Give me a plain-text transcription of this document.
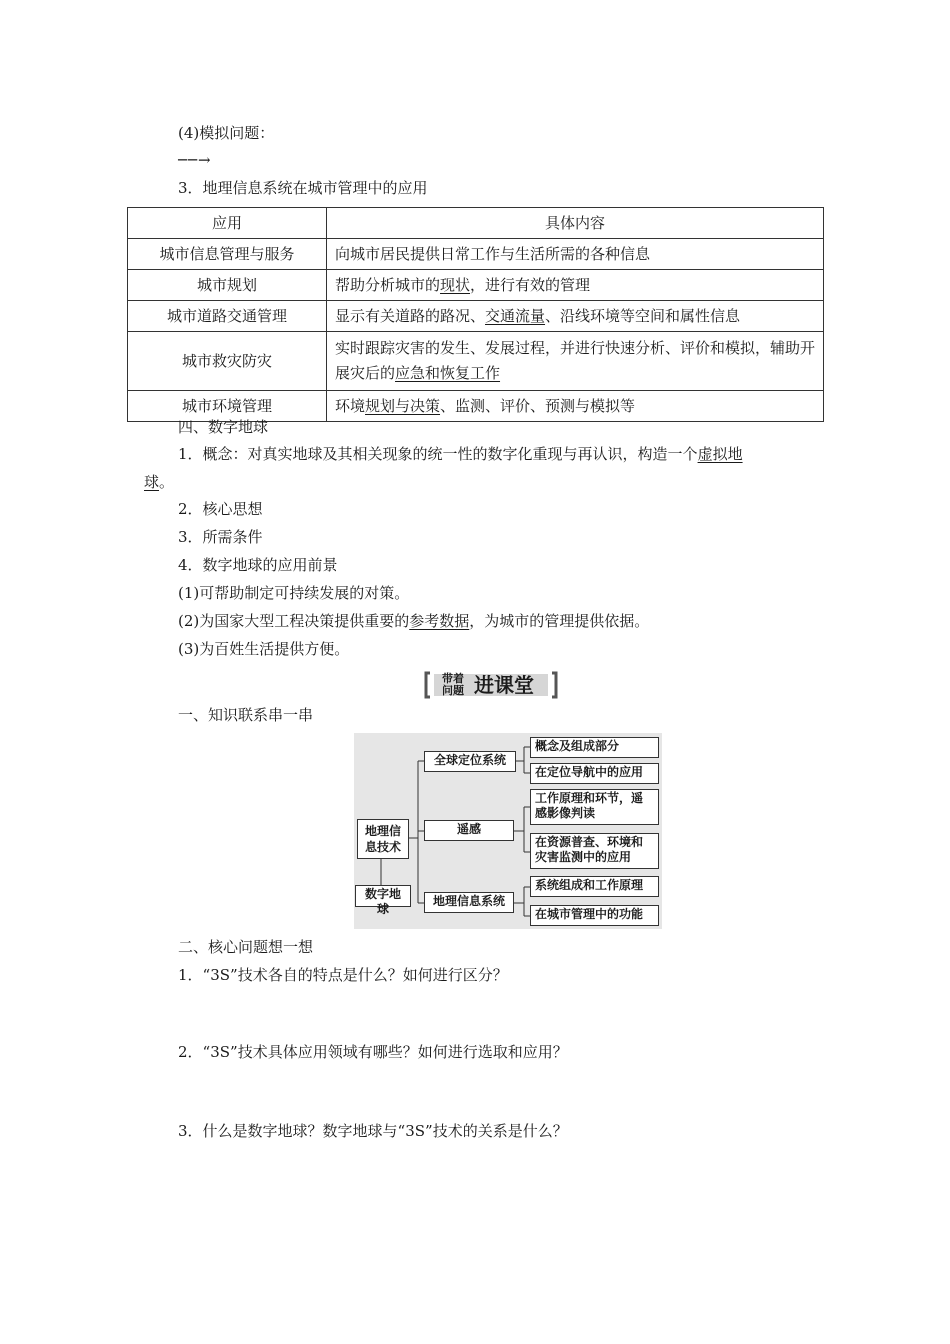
(4)模拟问题：
──→
3．地理信息系统在城市管理中的应用
应用	具体内容
城市信息管理与服务	向城市居民提供日常工作与生活所需的各种信息
城市规划	帮助分析城市的现状，进行有效的管理
城市道路交通管理	显示有关道路的路况、交通流量、沿线环境等空间和属性信息
城市救灾防灾	实时跟踪灾害的发生、发展过程，并进行快速分析、评价和模拟，辅助开展灾后的应急和恢复工作
城市环境管理	环境规划与决策、监测、评价、预测与模拟等
四、数字地球
1．概念：对真实地球及其相关现象的统一性的数字化重现与再认识，构造一个虚拟地
球。
2．核心思想
3．所需条件
4．数字地球的应用前景
(1)可帮助制定可持续发展的对策。
(2)为国家大型工程决策提供重要的参考数据，为城市的管理提供依据。
(3)为百姓生活提供方便。
带着
问题 进课堂
一、知识联系串一串
地理信息技术
数字地球
全球定位系统
遥感
地理信息系统
概念及组成部分
在定位导航中的应用
工作原理和环节，遥感影像判读
在资源普查、环境和灾害监测中的应用
系统组成和工作原理
在城市管理中的功能
二、核心问题想一想
1．“3S”技术各自的特点是什么？如何进行区分？
2．“3S”技术具体应用领域有哪些？如何进行选取和应用？
3．什么是数字地球？数字地球与“3S”技术的关系是什么？
